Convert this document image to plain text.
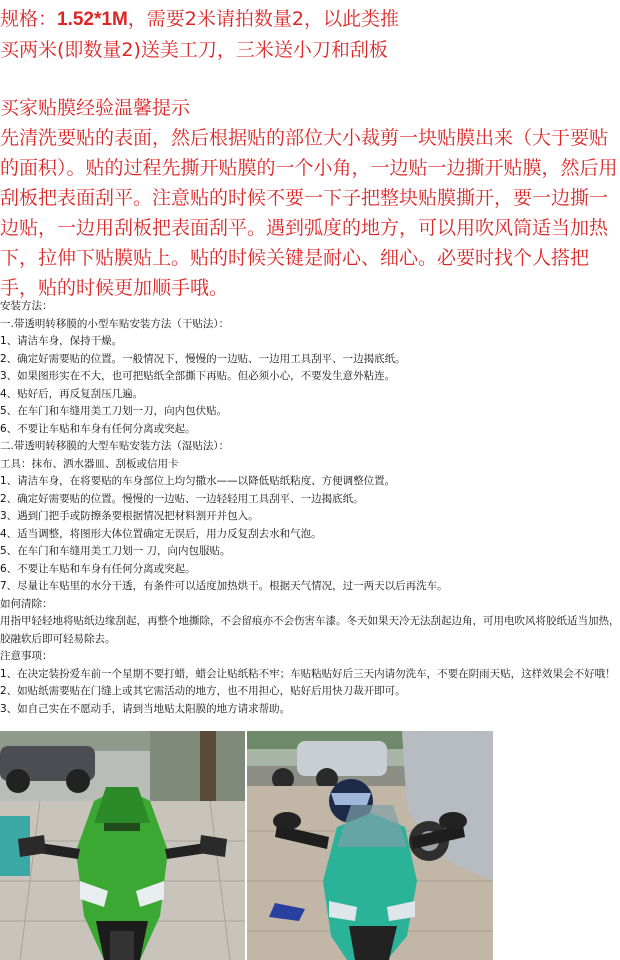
规格：1.52*1M，需要2米请拍数量2，以此类推
买两米(即数量2)送美工刀，三米送小刀和刮板
买家贴膜经验温馨提示
先清洗要贴的表面，然后根据贴的部位大小裁剪一块贴膜出来（大于要贴的面积）。贴的过程先撕开贴膜的一个小角，一边贴一边撕开贴膜，然后用刮板把表面刮平。注意贴的时候不要一下子把整块贴膜撕开，要一边撕一边贴，一边用刮板把表面刮平。遇到弧度的地方，可以用吹风筒适当加热下，拉伸下贴膜贴上。贴的时候关键是耐心、细心。必要时找个人搭把手，贴的时候更加顺手哦。

安装方法：

一.带透明转移膜的小型车贴安装方法（干贴法）：

1、请洁车身，保持干燥。

2、确定好需要贴的位置。一般情况下，慢慢的一边贴、一边用工具刮平、一边揭底纸。

3、如果图形实在不大，也可把贴纸全部撕下再贴。但必须小心，不要发生意外粘连。

4、贴好后，再反复刮压几遍。

5、在车门和车缝用美工刀划一刀，向内包伏贴。

6、不要让车贴和车身有任何分离或突起。

二.带透明转移膜的大型车贴安装方法（湿贴法）：

工具：抹布、洒水器皿、刮板或信用卡

1、请洁车身，在将要贴的车身部位上均匀撒水——以降低贴纸粘度、方便调整位置。

2、确定好需要贴的位置。慢慢的一边贴、一边轻轻用工具刮平、一边揭底纸。

3、遇到门把手或防擦条要根据情况把材料割开并包入。

4、适当调整，将图形大体位置确定无误后，用力反复刮去水和气泡。

5、在车门和车缝用美工刀划一 刀，向内包服贴。

6、不要让车贴和车身有任何分离或突起。

7、尽量让车贴里的水分干透，有条件可以适度加热烘干。根据天气情况，过一两天以后再洗车。

如何清除：

用指甲轻轻地将贴纸边缘刮起，再整个地撕除，不会留痕亦不会伤害车漆。冬天如果天冷无法刮起边角，可用电吹风将胶纸适当加热，胶融软后即可轻易除去。

注意事项：

1、在决定装扮爱车前一个星期不要打蜡，蜡会让贴纸粘不牢；车贴粘贴好后三天内请勿洗车，不要在阴雨天贴，这样效果会不好哦！

2、如贴纸需要贴在门缝上或其它需活动的地方，也不用担心，贴好后用快刀裁开即可。

3、如自己实在不愿动手，请到当地贴太阳膜的地方请求帮助。
